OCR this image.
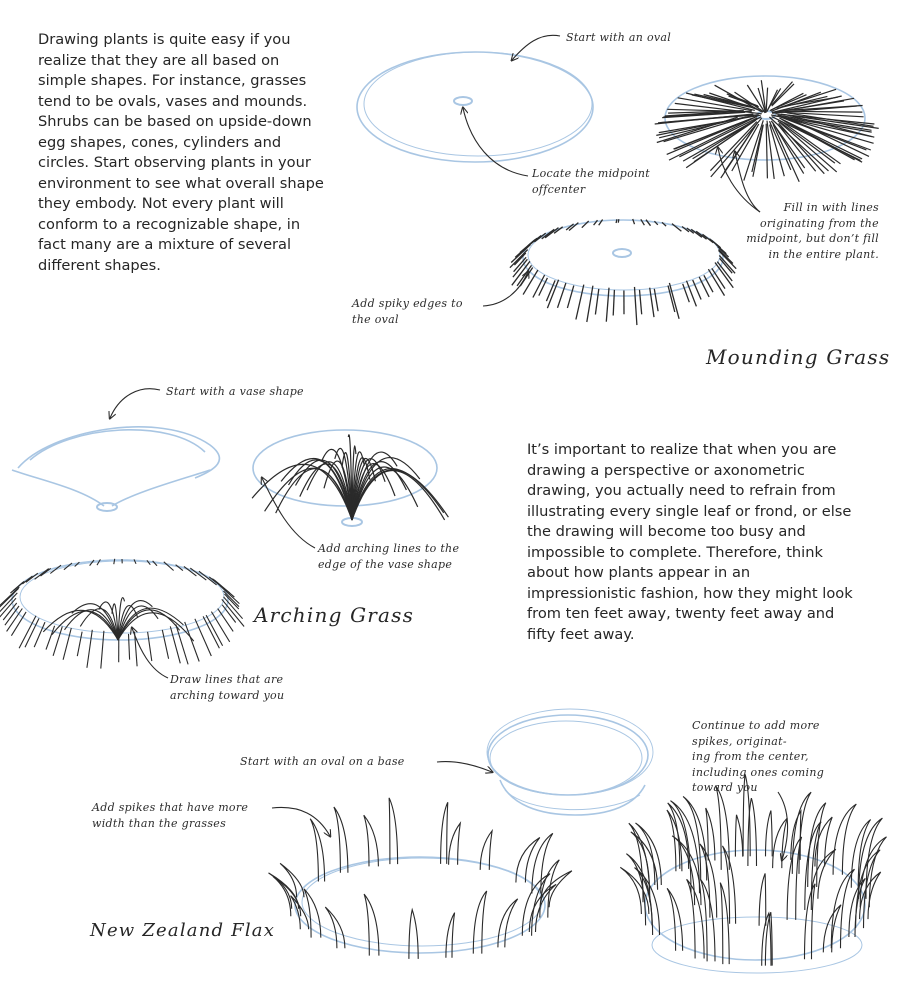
Drawing plants is quite easy if you realize that they are all based on simple shapes. For instance, grasses tend to be ovals, vases and mounds. Shrubs can be based on upside-down egg shapes, cones, cylinders and circles. Start observing plants in your environment to see what overall shape they embody. Not every plant will conform to a recognizable shape, in fact many are a mixture of several different shapes.

It’s important to realize that when you are drawing a perspective or axonometric drawing, you actually need to refrain from illustrating every single leaf or frond, or else the drawing will become too busy and impossible to complete. Therefore, think about how plants appear in an impressionistic fashion, how they might look from ten feet away, twenty feet away and fifty feet away.

Mounding Grass

Arching Grass

New Zealand Flax

Start with an oval

Locate the midpoint
offcenter

Fill in with lines
originating from the
midpoint, but don’t fill
in the entire plant.

Add spiky edges to
the oval

Start with a vase shape

Add arching lines to the
edge of the vase shape

Draw lines that are
arching toward you

Start with an oval on a base

Add spikes that have more
width than the grasses

Continue to add more
spikes, originat-
ing from the center,
including ones coming
toward you
